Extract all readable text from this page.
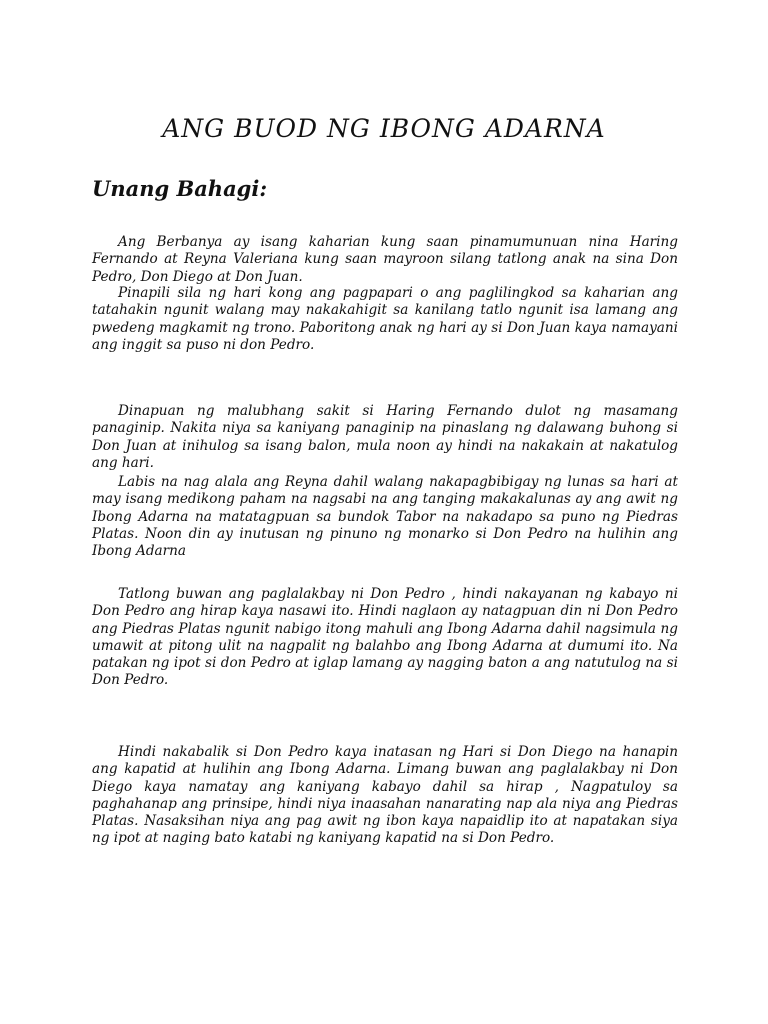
ANG BUOD NG IBONG ADARNA
Unang Bahagi:

Ang Berbanya ay isang kaharian kung saan pinamumunuan nina Haring Fernando at Reyna Valeriana kung saan mayroon silang tatlong anak na sina Don Pedro, Don Diego at Don Juan.

Pinapili sila ng hari kong ang pagpapari o ang paglilingkod sa kaharian ang tatahakin ngunit walang may nakakahigit sa kanilang tatlo ngunit isa lamang ang pwedeng magkamit ng trono. Paboritong anak ng hari ay si Don Juan kaya namayani ang inggit sa puso ni don Pedro.

Dinapuan ng malubhang sakit si Haring Fernando dulot ng masamang panaginip. Nakita niya sa kaniyang panaginip na pinaslang ng dalawang buhong si Don Juan at inihulog sa isang balon, mula noon ay hindi na nakakain at nakatulog ang hari.

Labis na nag alala ang Reyna dahil walang nakapagbibigay ng lunas sa hari at may isang medikong paham na nagsabi na ang tanging makakalunas ay ang awit ng Ibong Adarna na matatagpuan sa bundok Tabor na nakadapo sa puno ng Piedras Platas. Noon din ay inutusan ng pinuno ng monarko si Don Pedro na hulihin ang Ibong Adarna

Tatlong buwan ang paglalakbay ni Don Pedro , hindi nakayanan ng kabayo ni Don Pedro ang hirap kaya nasawi ito. Hindi naglaon ay natagpuan din ni Don Pedro ang Piedras Platas ngunit nabigo itong mahuli ang Ibong Adarna dahil nagsimula ng umawit at pitong ulit na nagpalit ng balahbo ang Ibong Adarna at dumumi ito. Na patakan ng ipot si don Pedro at iglap lamang ay nagging baton a ang natutulog na si Don Pedro.

Hindi nakabalik si Don Pedro kaya inatasan ng Hari si Don Diego na hanapin ang kapatid at hulihin ang Ibong Adarna. Limang buwan ang paglalakbay ni Don Diego kaya namatay ang kaniyang kabayo dahil sa hirap , Nagpatuloy sa paghahanap ang prinsipe, hindi niya inaasahan nanarating nap ala niya ang Piedras Platas. Nasaksihan niya ang pag awit ng ibon kaya napaidlip ito at napatakan siya ng ipot at naging bato katabi ng kaniyang kapatid na si Don Pedro.
